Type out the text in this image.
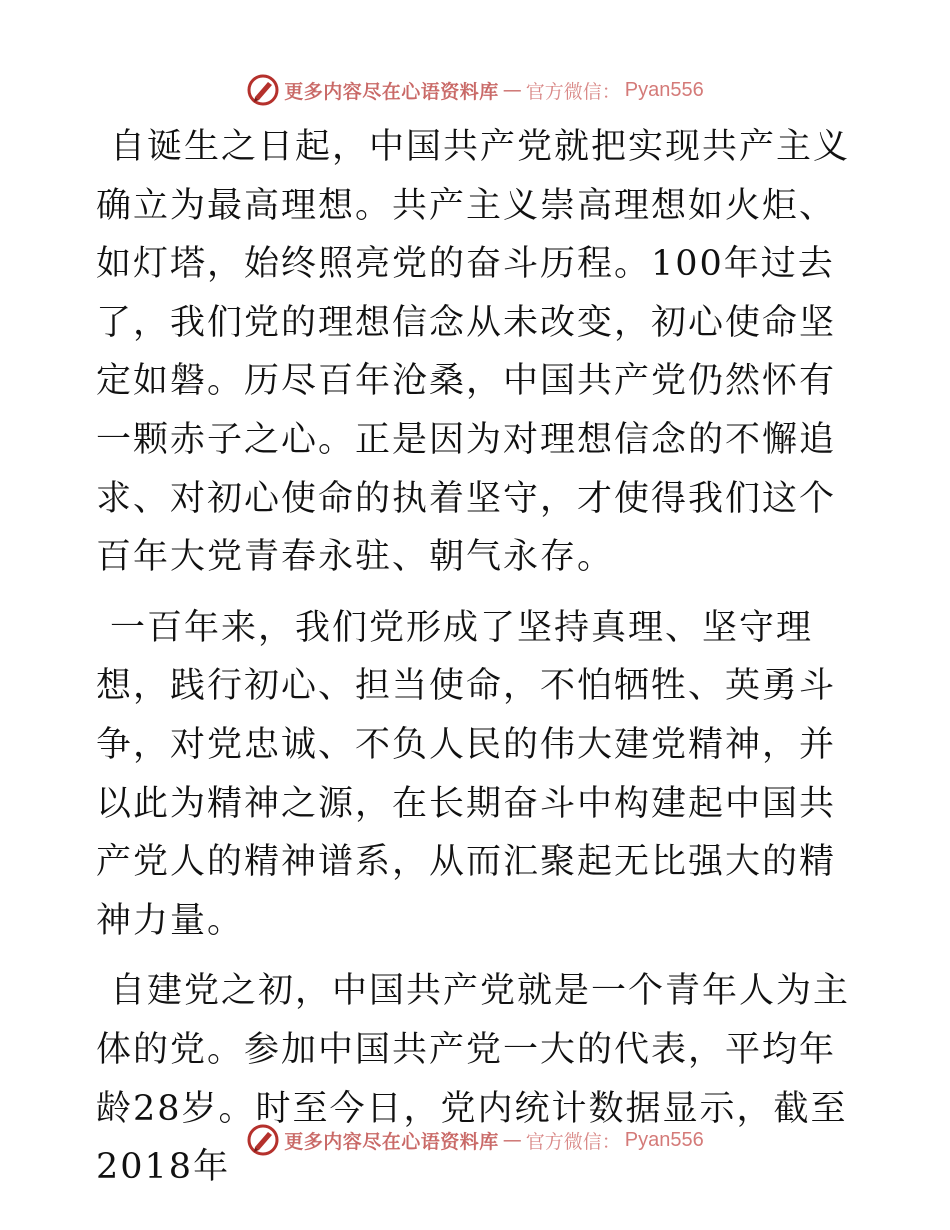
更多内容尽在心语资料库 — 官方微信： Pyan556

自诞生之日起，中国共产党就把实现共产主义确立为最高理想。共产主义崇高理想如火炬、如灯塔，始终照亮党的奋斗历程。100年过去了，我们党的理想信念从未改变，初心使命坚定如磐。历尽百年沧桑，中国共产党仍然怀有一颗赤子之心。正是因为对理想信念的不懈追求、对初心使命的执着坚守，才使得我们这个百年大党青春永驻、朝气永存。

一百年来，我们党形成了坚持真理、坚守理想，践行初心、担当使命，不怕牺牲、英勇斗争，对党忠诚、不负人民的伟大建党精神，并以此为精神之源，在长期奋斗中构建起中国共产党人的精神谱系，从而汇聚起无比强大的精神力量。

自建党之初，中国共产党就是一个青年人为主体的党。参加中国共产党一大的代表，平均年龄28岁。时至今日，党内统计数据显示，截至2018年

更多内容尽在心语资料库 — 官方微信： Pyan556
